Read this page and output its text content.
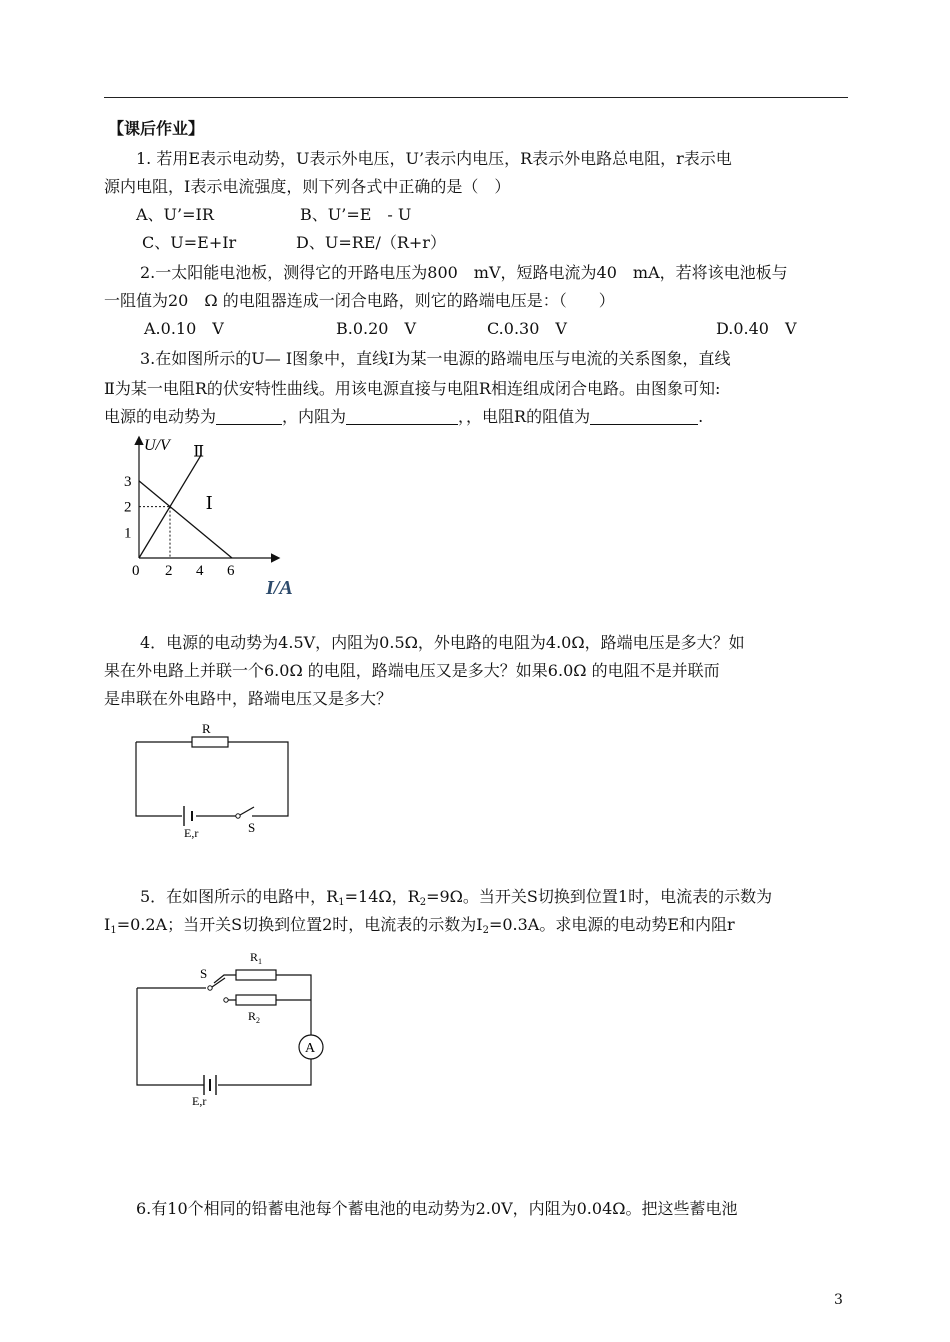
【课后作业】
1. 若用E表示电动势，U表示外电压，U’表示内电压，R表示外电路总电阻，r表示电
源内电阻，I表示电流强度，则下列各式中正确的是（　）
A、U’=IR	B、U’=E　- U
C、U=E+Ir	D、U=RE/（R+r）
2.一太阳能电池板，测得它的开路电压为800　mV，短路电流为40　mA，若将该电池板与
一阻值为20　Ω 的电阻器连成一闭合电路，则它的路端电压是：（　　）
A.0.10　V	B.0.20　V	C.0.30　V	D.0.40　V
3.在如图所示的U— I图象中，直线Ⅰ为某一电源的路端电压与电流的关系图象，直线
Ⅱ为某一电阻R的伏安特性曲线。用该电源直接与电阻R相连组成闭合电路。由图象可知:
电源的电动势为	，内阻为	，，电阻R的阻值为	.
U/V
0 2 4 6
1
2
3
Ⅰ
Ⅱ
I/A
4．电源的电动势为4.5V，内阻为0.5Ω，外电路的电阻为4.0Ω，路端电压是多大？如
果在外电路上并联一个6.0Ω 的电阻，路端电压又是多大？如果6.0Ω 的电阻不是并联而
是串联在外电路中，路端电压又是多大？
R
E,r	S
5．在如图所示的电路中，$R_1=14\Omega$，$R_2=9\Omega$。当开关S切换到位置1时，电流表的示数为
$I_1=0.2A$；当开关S切换到位置2时，电流表的示数为$I_2=0.3A$。求电源的电动势E和内阻r
S
$R_1$
$R_2$
A
E,r
6.有10个相同的铅蓄电池每个蓄电池的电动势为2.0V，内阻为0.04Ω。把这些蓄电池
3
